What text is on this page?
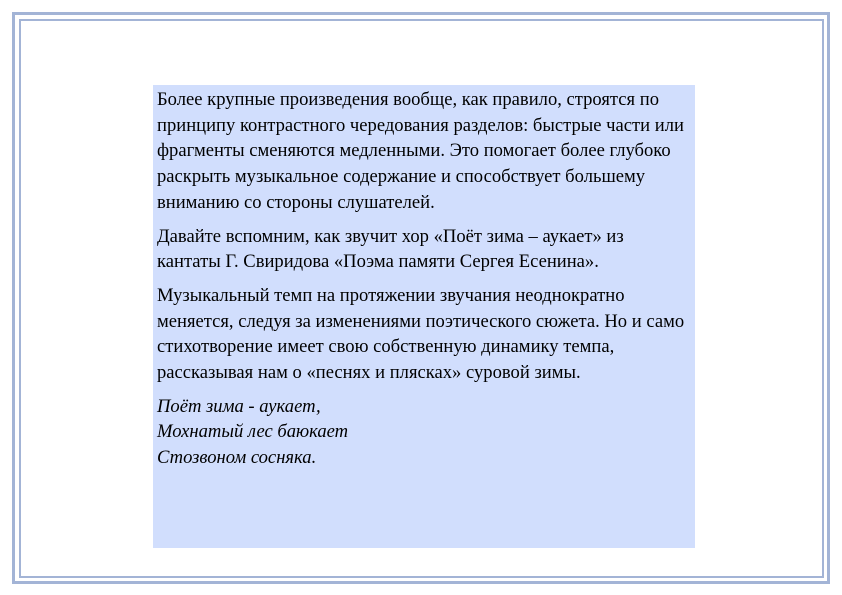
Более крупные произведения вообще, как правило, строятся по принципу контрастного чередования разделов: быстрые части или фрагменты сменяются медленными. Это помогает более глубоко раскрыть музыкальное содержание и способствует большему вниманию со стороны слушателей.

Давайте вспомним, как звучит хор «Поёт зима – аукает» из кантаты Г. Свиридова «Поэма памяти Сергея Есенина».

Музыкальный темп на протяжении звучания неоднократно меняется, следуя за изменениями поэтического сюжета. Но и само стихотворение имеет свою собственную динамику темпа, рассказывая нам о «песнях и плясках» суровой зимы.

Поёт зима - аукает,
Мохнатый лес баюкает
Стозвоном сосняка.
